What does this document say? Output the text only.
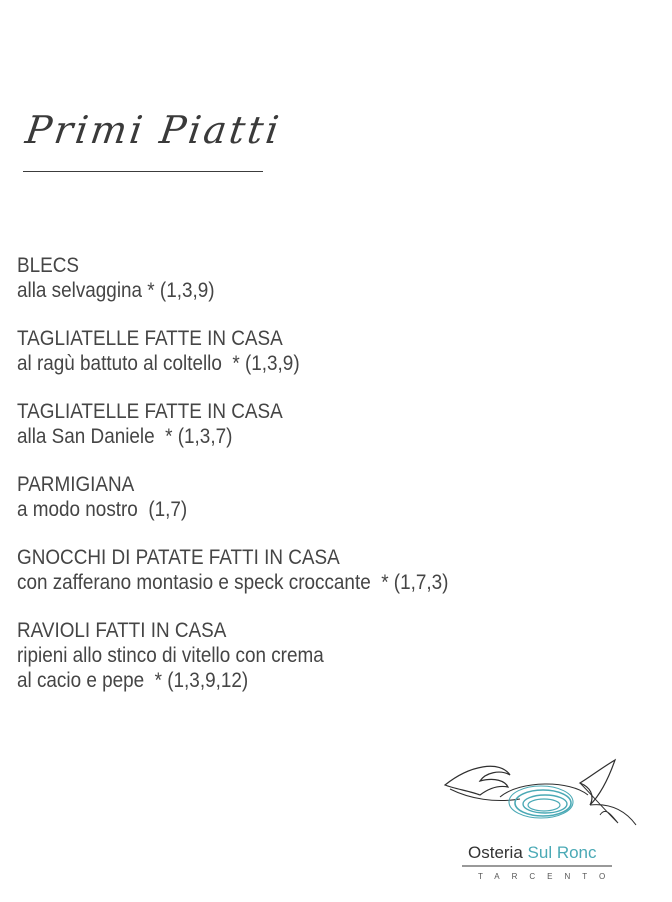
Primi Piatti
BLECS
alla selvaggina * (1,3,9)
TAGLIATELLE FATTE IN CASA
al ragù battuto al coltello  * (1,3,9)
TAGLIATELLE FATTE IN CASA
alla San Daniele  * (1,3,7)
PARMIGIANA
a modo nostro  (1,7)
GNOCCHI DI PATATE FATTI IN CASA
con zafferano montasio e speck croccante  * (1,7,3)
RAVIOLI FATTI IN CASA
ripieni allo stinco di vitello con crema
al cacio e pepe  * (1,3,9,12)
Osteria Sul Ronc
TARCENTO
